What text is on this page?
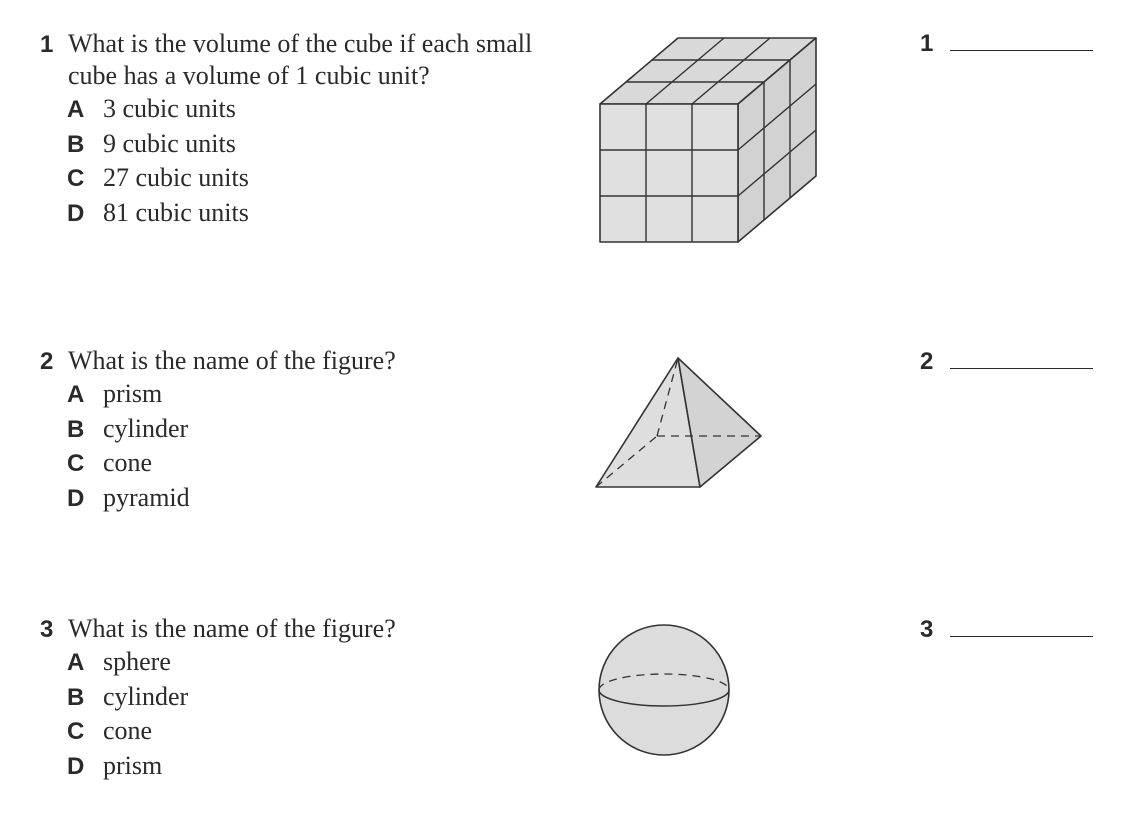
1 What is the volume of the cube if each small cube has a volume of 1 cubic unit?
A 3 cubic units
B 9 cubic units
C 27 cubic units
D 81 cubic units
1
2 What is the name of the figure?
A prism
B cylinder
C cone
D pyramid
2
3 What is the name of the figure?
A sphere
B cylinder
C cone
D prism
3
